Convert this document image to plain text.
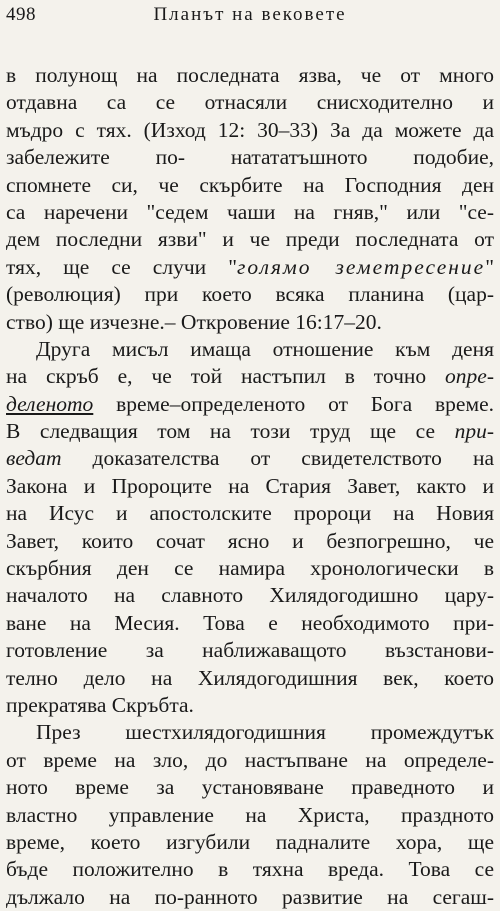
498	Планът на вековете
в полунощ на последната язва, че от много
отдавна са се отнасяли снисходително и
мъдро с тях. (Изход 12: 30–33) За да можете да
забележите по- натататъшното подобие,
спомнете си, че скърбите на Господния ден
са наречени "седем чаши на гняв," или "се-
дем последни язви" и че преди последната от
тях, ще се случи "голямо земетресение"
(революция) при което всяка планина (цар-
ство) ще изчезне.– Откровение 16:17–20.
Друга мисъл имаща отношение към деня
на скръб е, че той настъпил в точно опре-
деленото време–определеното от Бога време.
В следващия том на този труд ще се при-
ведат доказателства от свидетелството на
Закона и Пророците на Стария Завет, както и
на Исус и апостолските пророци на Новия
Завет, които сочат ясно и безпогрешно, че
скърбния ден се намира хронологически в
началото на славното Хилядогодишно цару-
ване на Месия. Това е необходимото при-
готовление за наближаващото възстанови-
телно дело на Хилядогодишния век, което
прекратява Скръбта.
През шестхилядогодишния промеждутък
от време на зло, до настъпване на определе-
ното време за установяване праведното и
властно управление на Христа, празднoто
време, което изгубили падналите хора, ще
бъде положително в тяхна вреда. Това се
дължало на по-ранното развитие на сегаш-
